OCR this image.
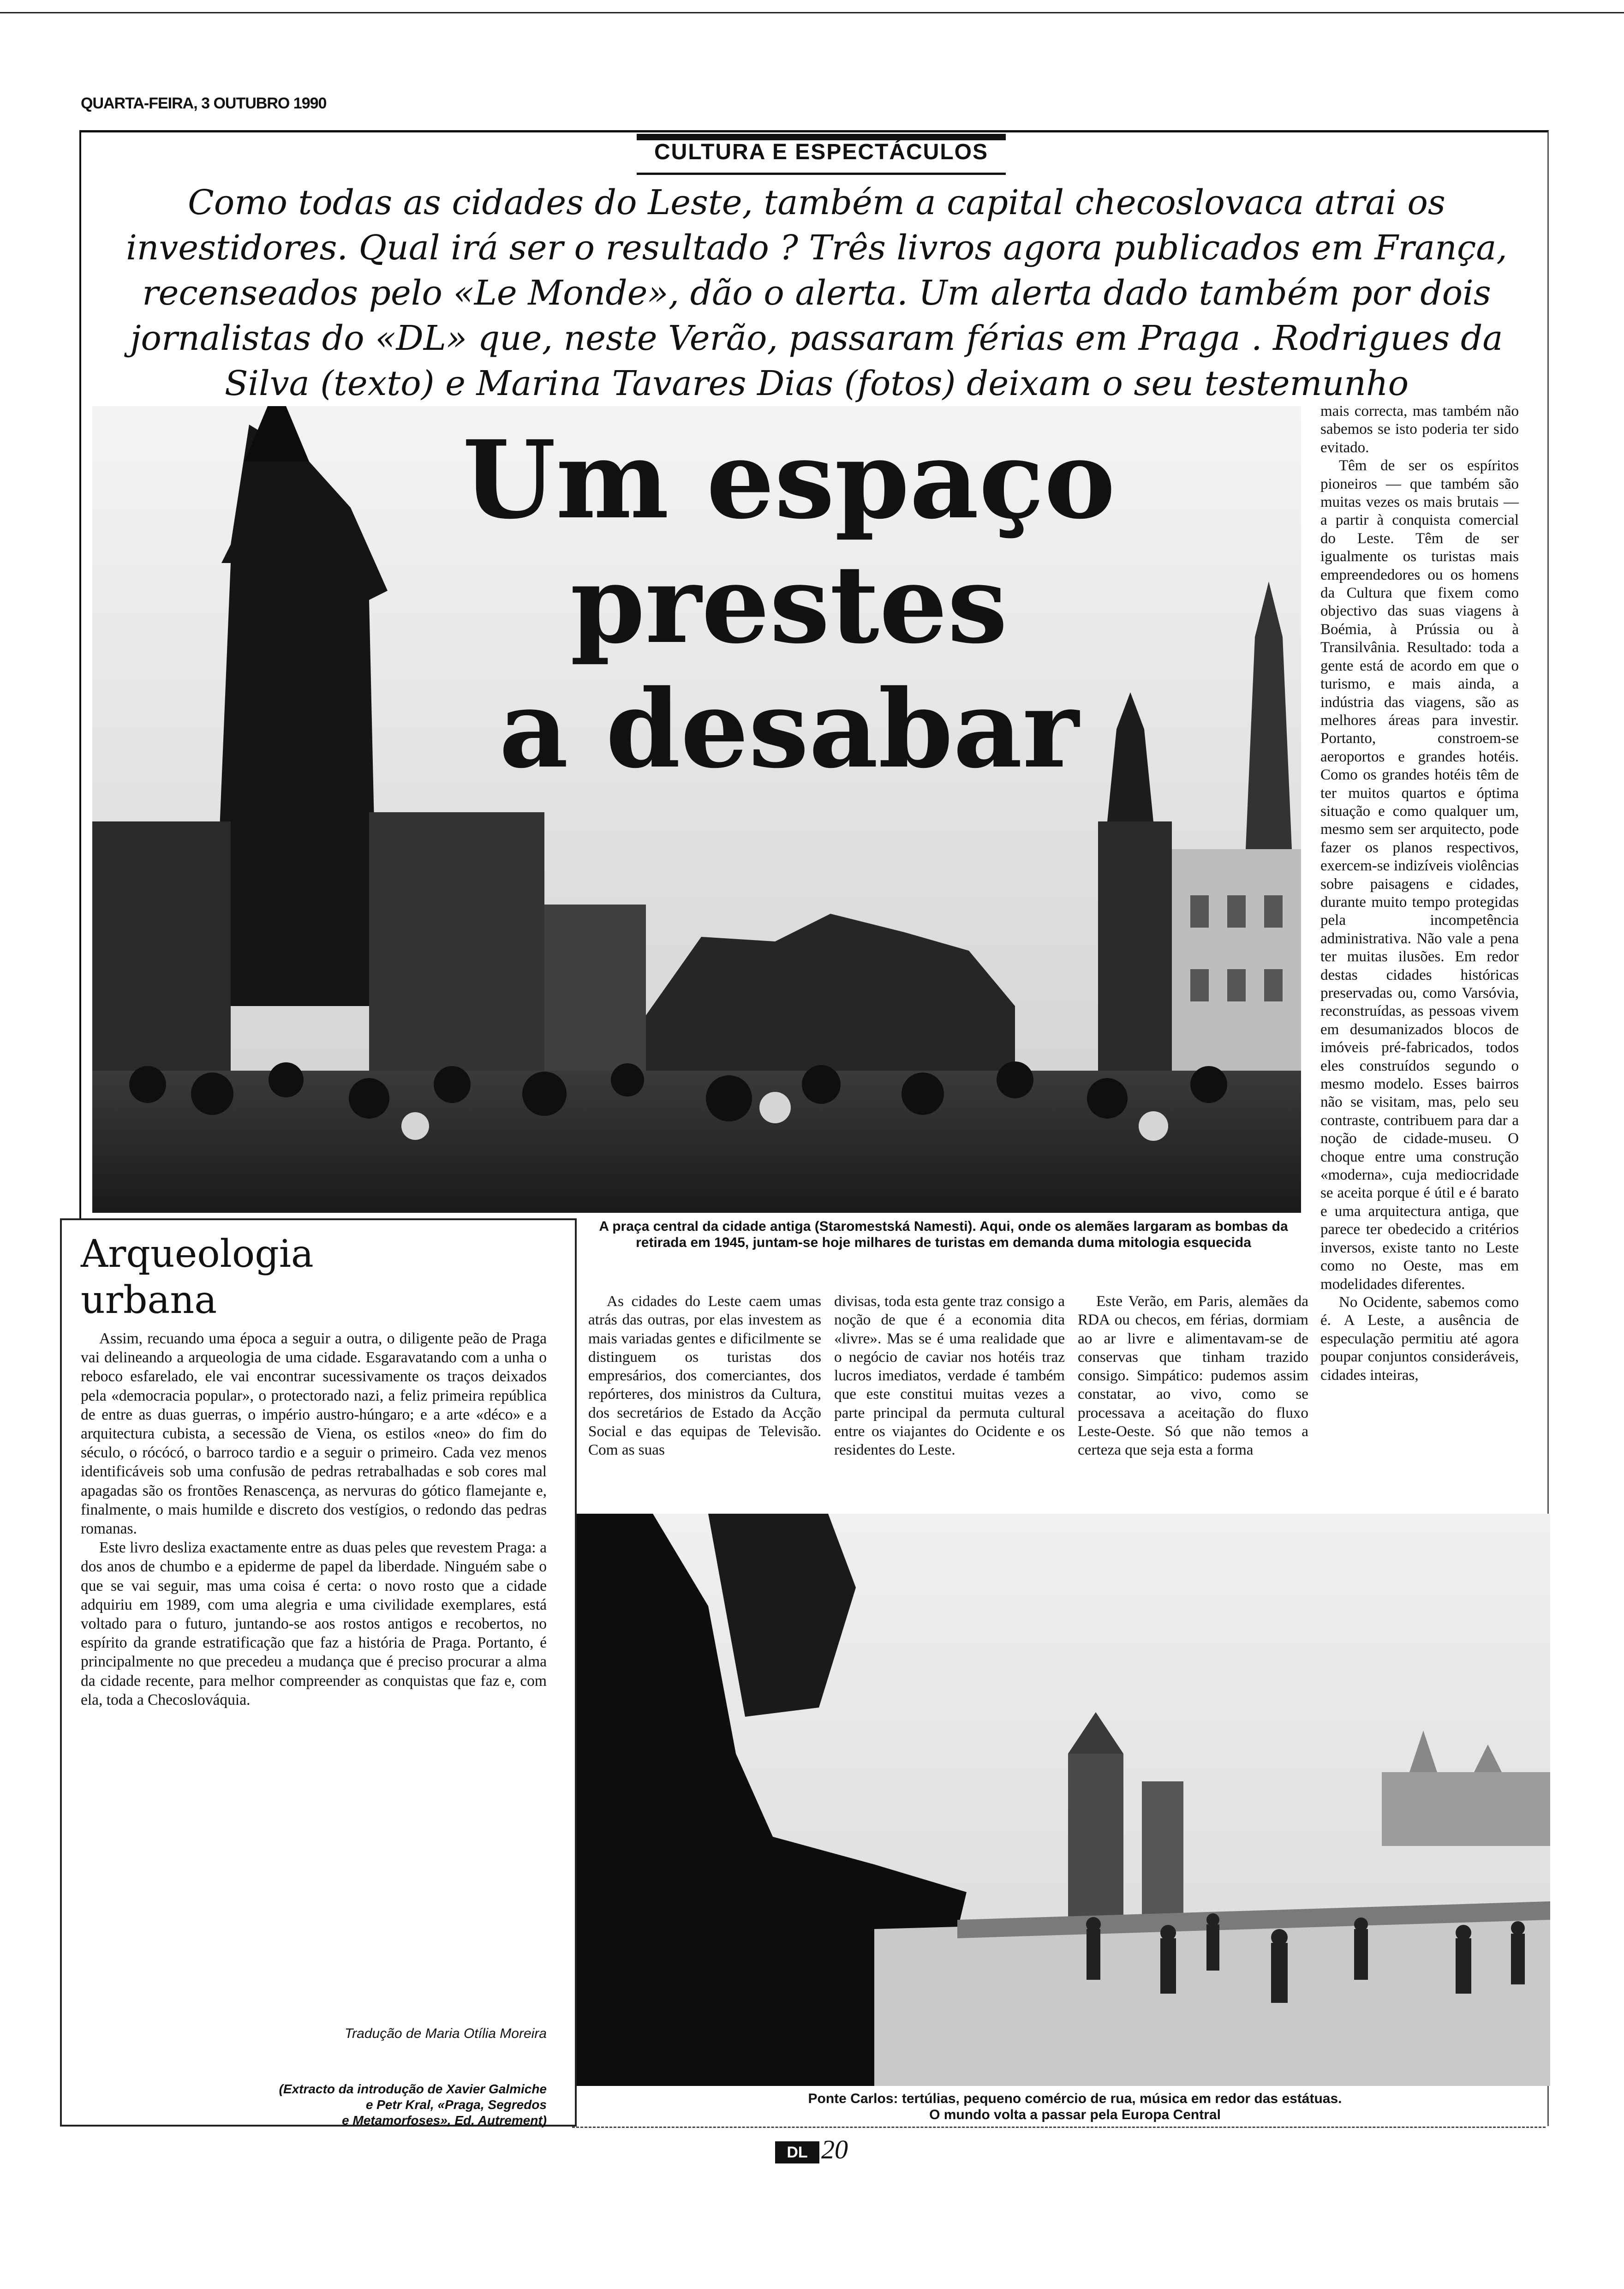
QUARTA-FEIRA, 3 OUTUBRO 1990
CULTURA E ESPECTÁCULOS
Como todas as cidades do Leste, também a capital checoslovaca atrai os investidores. Qual irá ser o resultado ? Três livros agora publicados em França, recenseados pelo «Le Monde», dão o alerta. Um alerta dado também por dois jornalistas do «DL» que, neste Verão, passaram férias em Praga . Rodrigues da Silva (texto) e Marina Tavares Dias (fotos) deixam o seu testemunho
Um espaço
prestes
a desabar

mais correcta, mas também não sabemos se isto poderia ter sido evitado.

Têm de ser os espíritos pioneiros — que também são muitas vezes os mais brutais — a partir à conquista comercial do Leste. Têm de ser igualmente os turistas mais empreendedores ou os homens da Cultura que fixem como objectivo das suas viagens à Boémia, à Prússia ou à Transilvânia. Resultado: toda a gente está de acordo em que o turismo, e mais ainda, a indústria das viagens, são as melhores áreas para investir. Portanto, constroem-se aeroportos e grandes hotéis. Como os grandes hotéis têm de ter muitos quartos e óptima situação e como qualquer um, mesmo sem ser arquitecto, pode fazer os planos respectivos, exercem-se indizíveis violências sobre paisagens e cidades, durante muito tempo protegidas pela incompetência administrativa. Não vale a pena ter muitas ilusões. Em redor destas cidades históricas preservadas ou, como Varsóvia, reconstruídas, as pessoas vivem em desumanizados blocos de imóveis pré-fabricados, todos eles construídos segundo o mesmo modelo. Esses bairros não se visitam, mas, pelo seu contraste, contribuem para dar a noção de cidade-museu. O choque entre uma construção «moderna», cuja mediocridade se aceita porque é útil e é barato e uma arquitectura antiga, que parece ter obedecido a critérios inversos, existe tanto no Leste como no Oeste, mas em modelidades diferentes.

No Ocidente, sabemos como é. A Leste, a ausência de especulação permitiu até agora poupar conjuntos consideráveis, cidades inteiras,

A praça central da cidade antiga (Staromestská Namesti). Aqui, onde os alemães largaram as bombas da retirada em 1945, juntam-se hoje milhares de turistas em demanda duma mitologia esquecida

As cidades do Leste caem umas atrás das outras, por elas investem as mais variadas gentes e dificilmente se distinguem os turistas dos empresários, dos comerciantes, dos repórteres, dos ministros da Cultura, dos secretários de Estado da Acção Social e das equipas de Televisão. Com as suas

divisas, toda esta gente traz consigo a noção de que é a economia dita «livre». Mas se é uma realidade que o negócio de caviar nos hotéis traz lucros imediatos, verdade é também que este constitui muitas vezes a parte principal da permuta cultural entre os viajantes do Ocidente e os residentes do Leste.

Este Verão, em Paris, alemães da RDA ou checos, em férias, dormiam ao ar livre e alimentavam-se de conservas que tinham trazido consigo. Simpático: pudemos assim constatar, ao vivo, como se processava a aceitação do fluxo Leste-Oeste. Só que não temos a certeza que seja esta a forma

Arqueologia
urbana

Assim, recuando uma época a seguir a outra, o diligente peão de Praga vai delineando a arqueologia de uma cidade. Esgaravatando com a unha o reboco esfarelado, ele vai encontrar sucessivamente os traços deixados pela «democracia popular», o protectorado nazi, a feliz primeira república de entre as duas guerras, o império austro-húngaro; e a arte «déco» e a arquitectura cubista, a secessão de Viena, os estilos «neo» do fim do século, o rócócó, o barroco tardio e a seguir o primeiro. Cada vez menos identificáveis sob uma confusão de pedras retrabalhadas e sob cores mal apagadas são os frontões Renascença, as nervuras do gótico flamejante e, finalmente, o mais humilde e discreto dos vestígios, o redondo das pedras romanas.

Este livro desliza exactamente entre as duas peles que revestem Praga: a dos anos de chumbo e a epiderme de papel da liberdade. Ninguém sabe o que se vai seguir, mas uma coisa é certa: o novo rosto que a cidade adquiriu em 1989, com uma alegria e uma civilidade exemplares, está voltado para o futuro, juntando-se aos rostos antigos e recobertos, no espírito da grande estratificação que faz a história de Praga. Portanto, é principalmente no que precedeu a mudança que é preciso procurar a alma da cidade recente, para melhor compreender as conquistas que faz e, com ela, toda a Checoslováquia.

Tradução de Maria Otília Moreira
(Extracto da introdução de Xavier Galmiche
e Petr Kral, «Praga, Segredos
e Metamorfoses», Ed. Autrement)
Ponte Carlos: tertúlias, pequeno comércio de rua, música em redor das estátuas.
O mundo volta a passar pela Europa Central
DL 20
